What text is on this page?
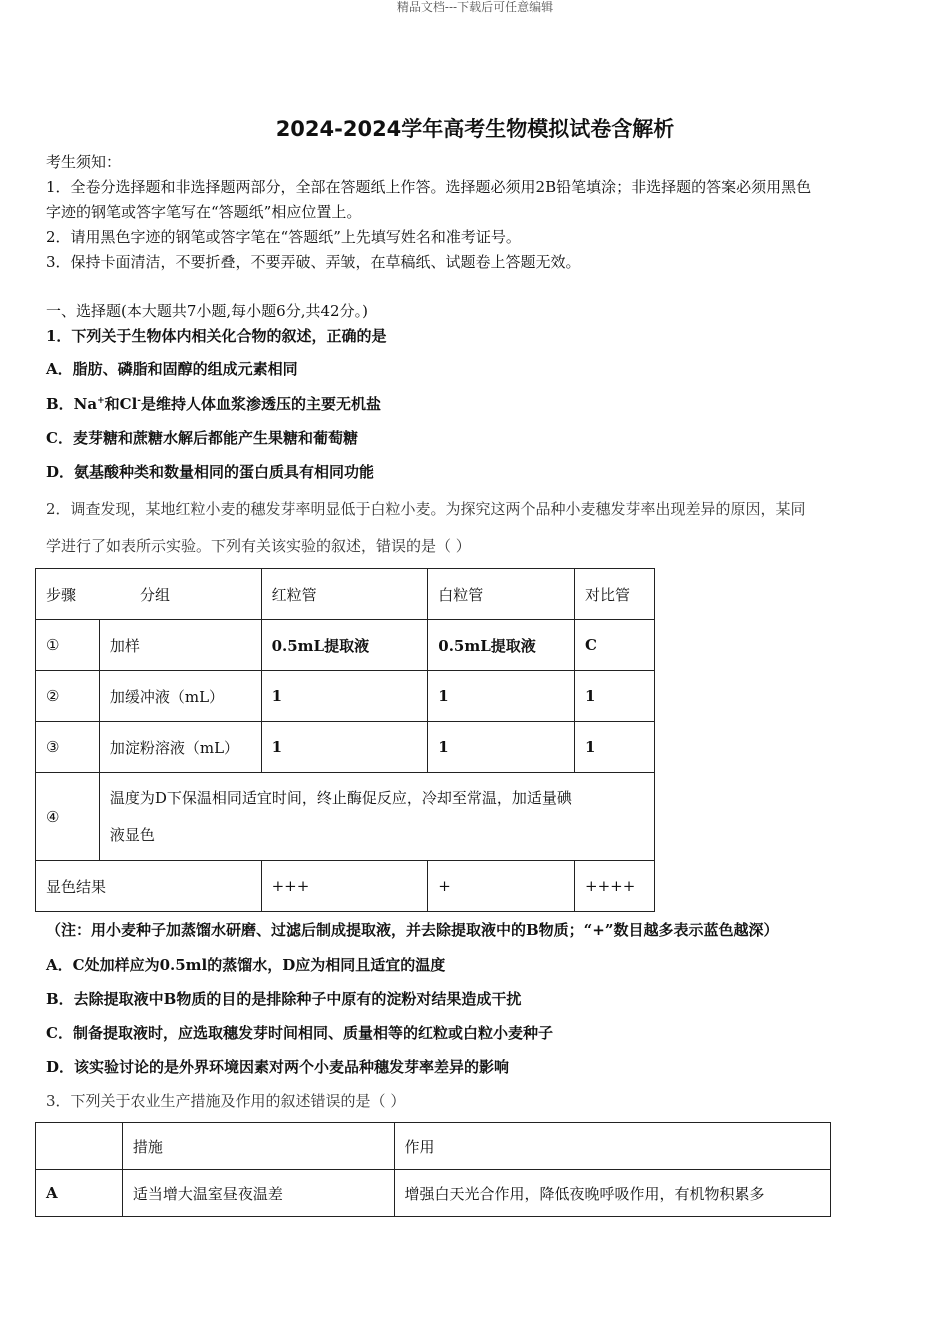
精品文档---下载后可任意编辑
2024-2024学年高考生物模拟试卷含解析
考生须知：
1．全卷分选择题和非选择题两部分，全部在答题纸上作答。选择题必须用2B铅笔填涂；非选择题的答案必须用黑色
字迹的钢笔或答字笔写在“答题纸”相应位置上。
2．请用黑色字迹的钢笔或答字笔在“答题纸”上先填写姓名和准考证号。
3．保持卡面清洁，不要折叠，不要弄破、弄皱，在草稿纸、试题卷上答题无效。
一、选择题(本大题共7小题,每小题6分,共42分。)
1．下列关于生物体内相关化合物的叙述，正确的是
A．脂肪、磷脂和固醇的组成元素相同
B．Na+和Cl-是维持人体血浆渗透压的主要无机盐
C．麦芽糖和蔗糖水解后都能产生果糖和葡萄糖
D．氨基酸种类和数量相同的蛋白质具有相同功能
2．调查发现，某地红粒小麦的穗发芽率明显低于白粒小麦。为探究这两个品种小麦穗发芽率出现差异的原因，某同
学进行了如表所示实验。下列有关该实验的叙述，错误的是（ ）
步骤 分组		红粒管	白粒管	对比管
①	加样	0.5mL提取液	0.5mL提取液	C
②	加缓冲液（mL）	1	1	1
③	加淀粉溶液（mL）	1	1	1
④	温度为D下保温相同适宜时间，终止酶促反应，冷却至常温，加适量碘
液显色			
显色结果		+++	+	++++
（注：用小麦种子加蒸馏水研磨、过滤后制成提取液，并去除提取液中的B物质；“+”数目越多表示蓝色越深）
A．C处加样应为0.5ml的蒸馏水，D应为相同且适宜的温度
B．去除提取液中B物质的目的是排除种子中原有的淀粉对结果造成干扰
C．制备提取液时，应选取穗发芽时间相同、质量相等的红粒或白粒小麦种子
D．该实验讨论的是外界环境因素对两个小麦品种穗发芽率差异的影响
3．下列关于农业生产措施及作用的叙述错误的是（ ）
	措施	作用
A	适当增大温室昼夜温差	增强白天光合作用，降低夜晚呼吸作用，有机物积累多
